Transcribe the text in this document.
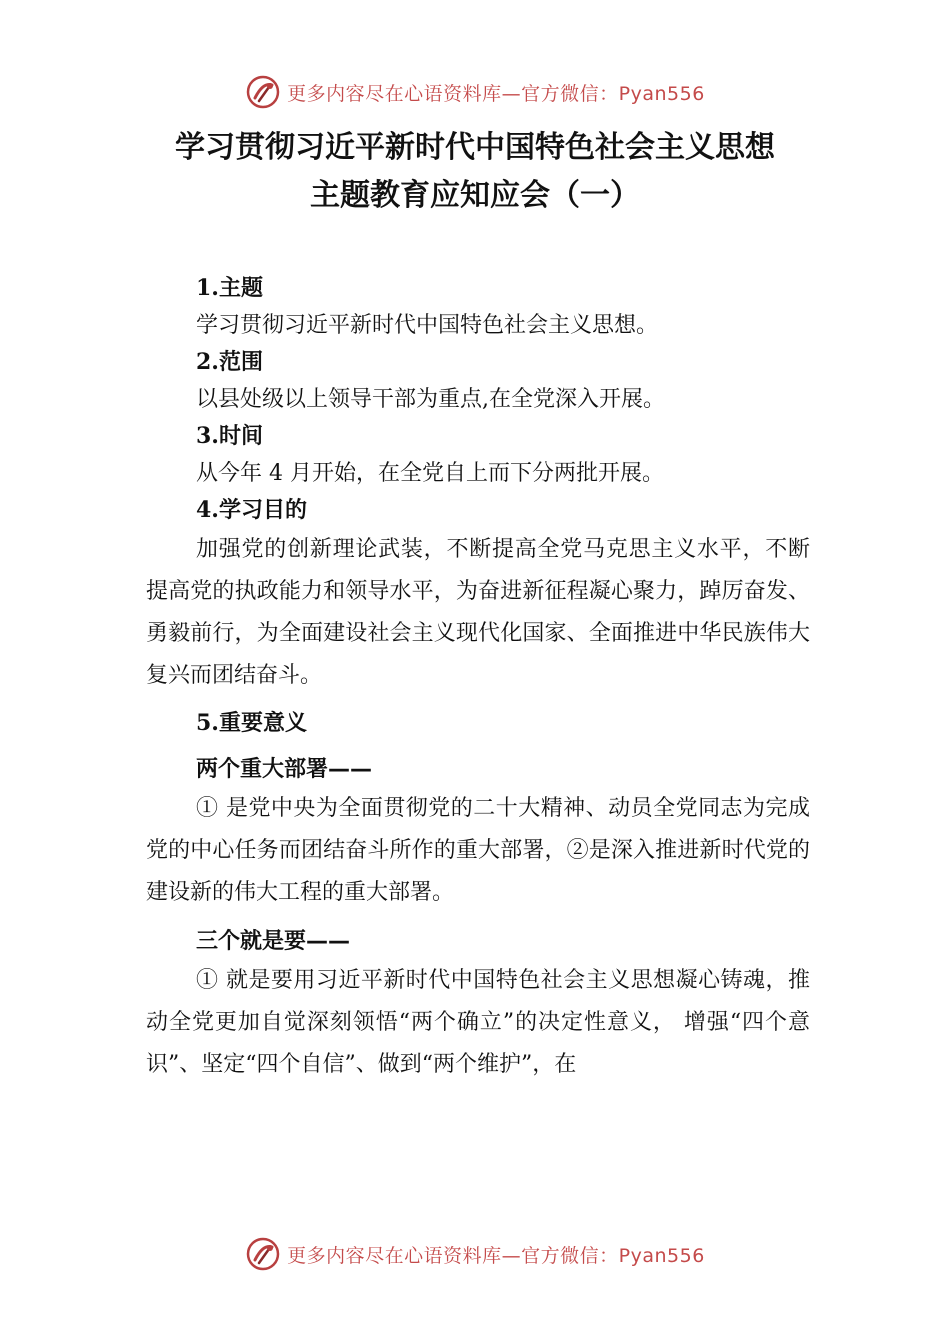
更多内容尽在心语资料库—官方微信：Pyan556
学习贯彻习近平新时代中国特色社会主义思想
主题教育应知应会（一）
1.主题
学习贯彻习近平新时代中国特色社会主义思想。
2.范围
以县处级以上领导干部为重点,在全党深入开展。
3.时间
从今年 4 月开始，在全党自上而下分两批开展。
4.学习目的
加强党的创新理论武装，不断提高全党马克思主义水平，不断提高党的执政能力和领导水平，为奋进新征程凝心聚力，踔厉奋发、勇毅前行，为全面建设社会主义现代化国家、全面推进中华民族伟大复兴而团结奋斗。
5.重要意义
两个重大部署——
① 是党中央为全面贯彻党的二十大精神、动员全党同志为完成党的中心任务而团结奋斗所作的重大部署，②是深入推进新时代党的建设新的伟大工程的重大部署。
三个就是要——
① 就是要用习近平新时代中国特色社会主义思想凝心铸魂，推动全党更加自觉深刻领悟“两个确立”的决定性意义， 增强“四个意识”、坚定“四个自信”、做到“两个维护”，在
更多内容尽在心语资料库—官方微信：Pyan556
